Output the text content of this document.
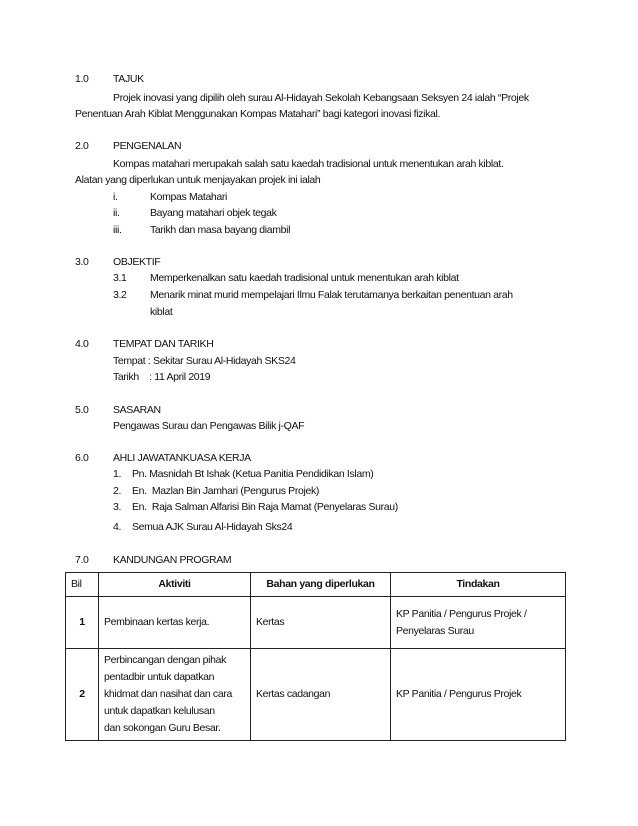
1.0 TAJUK
Projek inovasi yang dipilih oleh surau Al-Hidayah Sekolah Kebangsaan Seksyen 24 ialah “Projek
Penentuan Arah Kiblat Menggunakan Kompas Matahari” bagi kategori inovasi fizikal.
2.0 PENGENALAN
Kompas matahari merupakah salah satu kaedah tradisional untuk menentukan arah kiblat.
Alatan yang diperlukan untuk menjayakan projek ini ialah
i.	Kompas Matahari
ii.	Bayang matahari objek tegak
iii.	Tarikh dan masa bayang diambil
3.0 OBJEKTIF
3.1 Memperkenalkan satu kaedah tradisional untuk menentukan arah kiblat
3.2 Menarik minat murid mempelajari Ilmu Falak terutamanya berkaitan penentuan arah
kiblat
4.0 TEMPAT DAN TARIKH
Tempat : Sekitar Surau Al-Hidayah SKS24
Tarikh    : 11 April 2019
5.0 SASARAN
Pengawas Surau dan Pengawas Bilik j-QAF
6.0 AHLI JAWATANKUASA KERJA
1. Pn. Masnidah Bt Ishak (Ketua Panitia Pendidikan Islam)
2. En.  Mazlan Bin Jamhari (Pengurus Projek)
3. En.  Raja Salman Alfarisi Bin Raja Mamat (Penyelaras Surau)
4. Semua AJK Surau Al-Hidayah Sks24
7.0 KANDUNGAN PROGRAM
Bil	Aktiviti	Bahan yang diperlukan	Tindakan
1	Pembinaan kertas kerja.	Kertas	KP Panitia / Pengurus Projek /
Penyelaras Surau

2	Perbincangan dengan pihak
pentadbir untuk dapatkan
khidmat dan nasihat dan cara
untuk dapatkan kelulusan
dan sokongan Guru Besar.	Kertas cadangan	KP Panitia / Pengurus Projek
